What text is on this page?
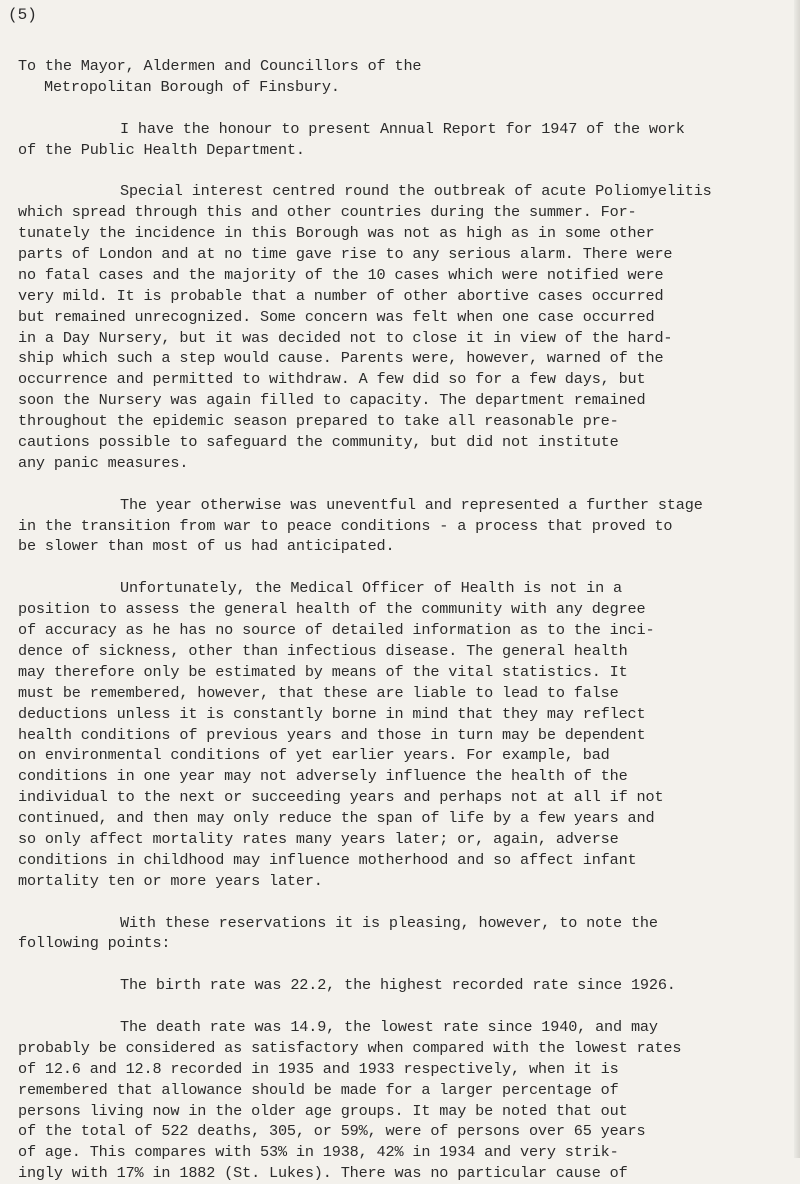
(5)
To the Mayor, Aldermen and Councillors of the
Metropolitan Borough of Finsbury.
I have the honour to present Annual Report for 1947 of the work
of the Public Health Department.
Special interest centred round the outbreak of acute Poliomyelitis
which spread through this and other countries during the summer. For-
tunately the incidence in this Borough was not as high as in some other
parts of London and at no time gave rise to any serious alarm. There were
no fatal cases and the majority of the 10 cases which were notified were
very mild. It is probable that a number of other abortive cases occurred
but remained unrecognized. Some concern was felt when one case occurred
in a Day Nursery, but it was decided not to close it in view of the hard-
ship which such a step would cause. Parents were, however, warned of the
occurrence and permitted to withdraw. A few did so for a few days, but
soon the Nursery was again filled to capacity. The department remained
throughout the epidemic season prepared to take all reasonable pre-
cautions possible to safeguard the community, but did not institute
any panic measures.
The year otherwise was uneventful and represented a further stage
in the transition from war to peace conditions - a process that proved to
be slower than most of us had anticipated.
Unfortunately, the Medical Officer of Health is not in a
position to assess the general health of the community with any degree
of accuracy as he has no source of detailed information as to the inci-
dence of sickness, other than infectious disease. The general health
may therefore only be estimated by means of the vital statistics. It
must be remembered, however, that these are liable to lead to false
deductions unless it is constantly borne in mind that they may reflect
health conditions of previous years and those in turn may be dependent
on environmental conditions of yet earlier years. For example, bad
conditions in one year may not adversely influence the health of the
individual to the next or succeeding years and perhaps not at all if not
continued, and then may only reduce the span of life by a few years and
so only affect mortality rates many years later; or, again, adverse
conditions in childhood may influence motherhood and so affect infant
mortality ten or more years later.
With these reservations it is pleasing, however, to note the
following points:
The birth rate was 22.2, the highest recorded rate since 1926.
The death rate was 14.9, the lowest rate since 1940, and may
probably be considered as satisfactory when compared with the lowest rates
of 12.6 and 12.8 recorded in 1935 and 1933 respectively, when it is
remembered that allowance should be made for a larger percentage of
persons living now in the older age groups. It may be noted that out
of the total of 522 deaths, 305, or 59%, were of persons over 65 years
of age. This compares with 53% in 1938, 42% in 1934 and very strik-
ingly with 17% in 1882 (St. Lukes). There was no particular cause of
